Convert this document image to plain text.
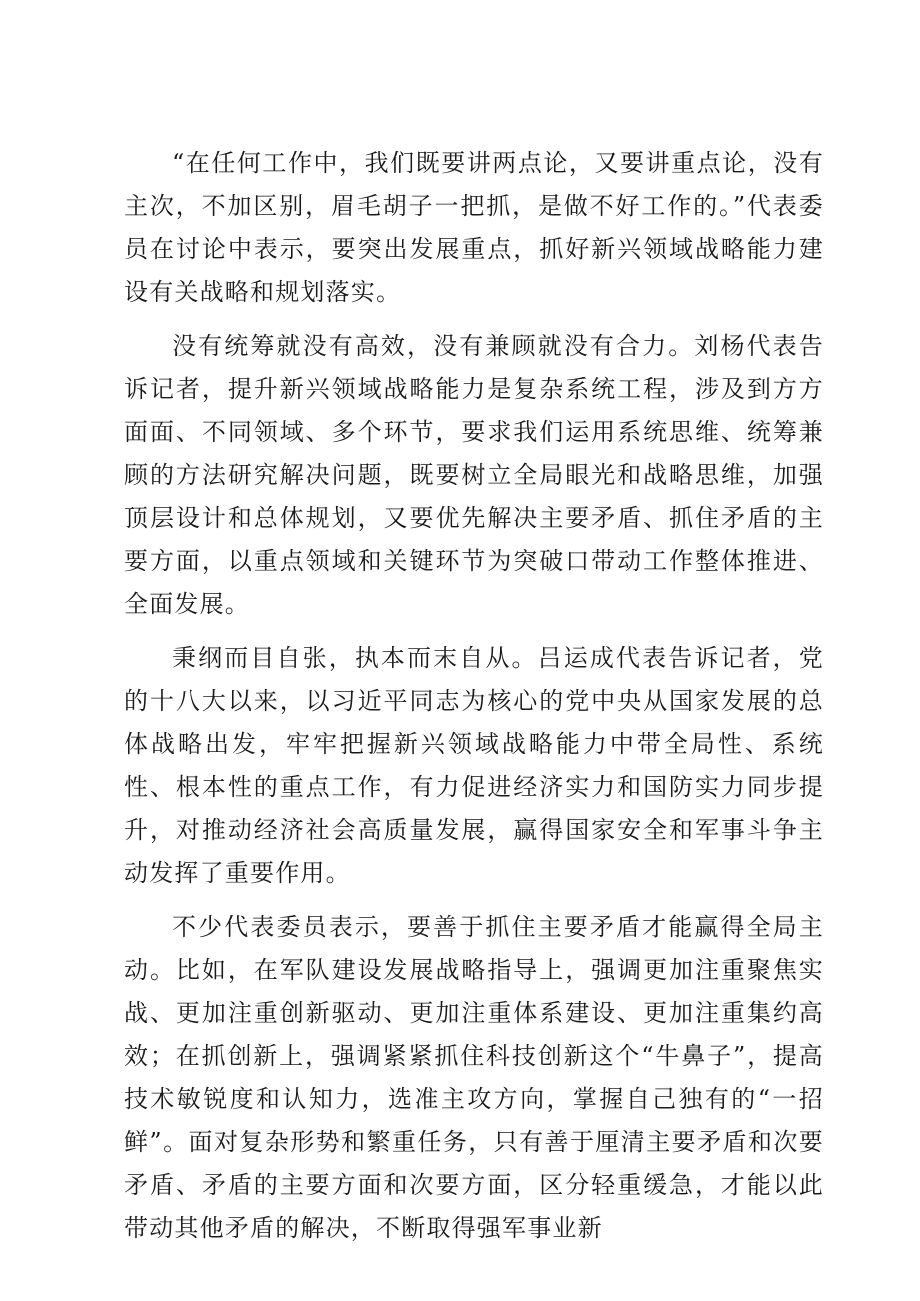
“在任何工作中，我们既要讲两点论，又要讲重点论，没有主次，不加区别，眉毛胡子一把抓，是做不好工作的。”代表委员在讨论中表示，要突出发展重点，抓好新兴领域战略能力建设有关战略和规划落实。

没有统筹就没有高效，没有兼顾就没有合力。刘杨代表告诉记者，提升新兴领域战略能力是复杂系统工程，涉及到方方面面、不同领域、多个环节，要求我们运用系统思维、统筹兼顾的方法研究解决问题，既要树立全局眼光和战略思维，加强顶层设计和总体规划，又要优先解决主要矛盾、抓住矛盾的主要方面，以重点领域和关键环节为突破口带动工作整体推进、全面发展。

秉纲而目自张，执本而末自从。吕运成代表告诉记者，党的十八大以来，以习近平同志为核心的党中央从国家发展的总体战略出发，牢牢把握新兴领域战略能力中带全局性、系统性、根本性的重点工作，有力促进经济实力和国防实力同步提升，对推动经济社会高质量发展，赢得国家安全和军事斗争主动发挥了重要作用。

不少代表委员表示，要善于抓住主要矛盾才能赢得全局主动。比如，在军队建设发展战略指导上，强调更加注重聚焦实战、更加注重创新驱动、更加注重体系建设、更加注重集约高效；在抓创新上，强调紧紧抓住科技创新这个“牛鼻子”，提高技术敏锐度和认知力，选准主攻方向，掌握自己独有的“一招鲜”。面对复杂形势和繁重任务，只有善于厘清主要矛盾和次要矛盾、矛盾的主要方面和次要方面，区分轻重缓急，才能以此带动其他矛盾的解决，不断取得强军事业新
